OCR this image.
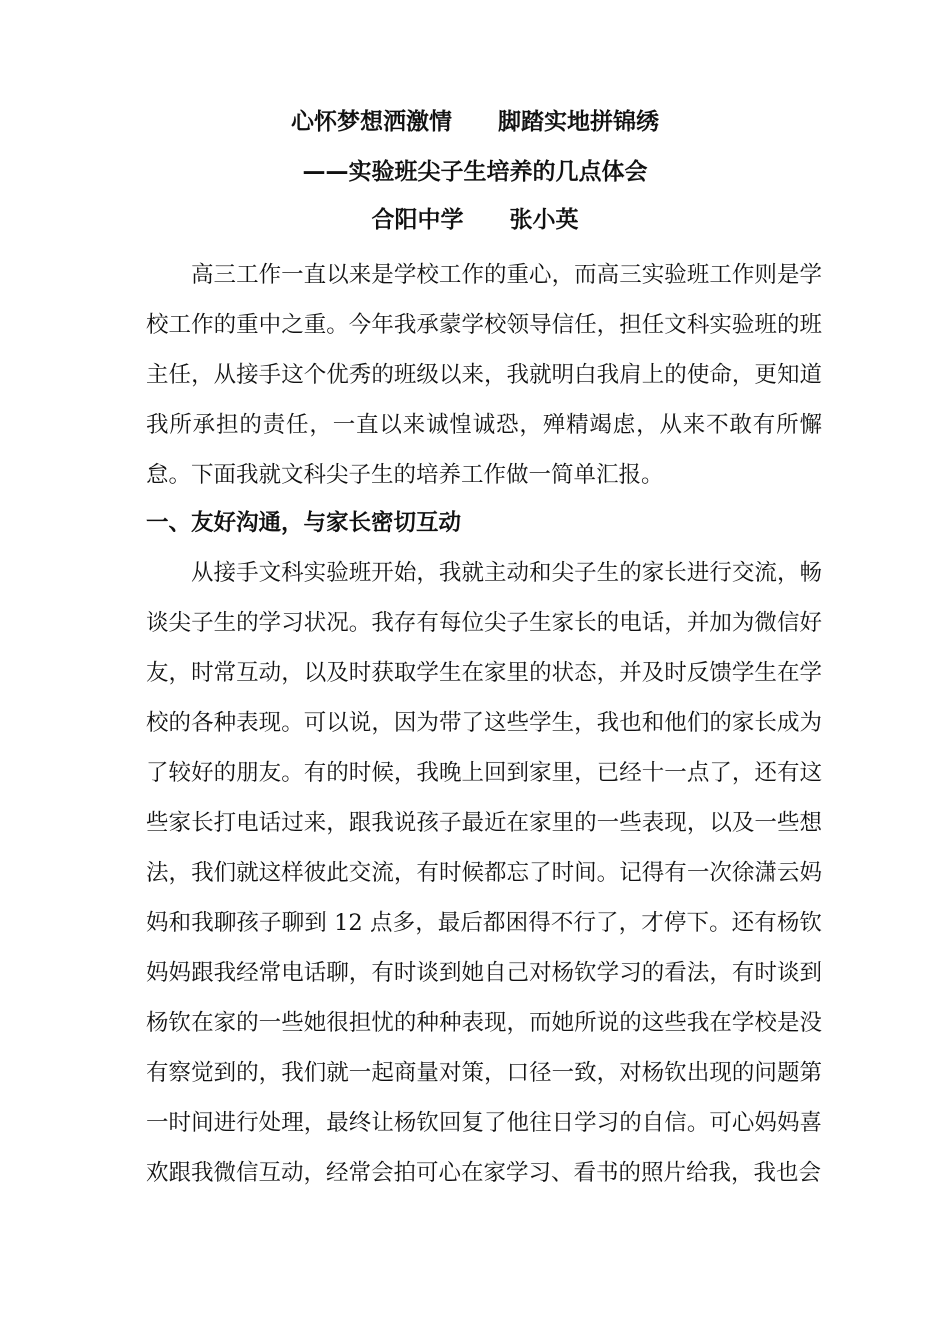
心怀梦想洒激情　　脚踏实地拼锦绣
——实验班尖子生培养的几点体会
合阳中学　　张小英

高三工作一直以来是学校工作的重心，而高三实验班工作则是学校工作的重中之重。今年我承蒙学校领导信任，担任文科实验班的班主任，从接手这个优秀的班级以来，我就明白我肩上的使命，更知道我所承担的责任，一直以来诚惶诚恐，殚精竭虑，从来不敢有所懈怠。下面我就文科尖子生的培养工作做一简单汇报。

一、友好沟通，与家长密切互动

从接手文科实验班开始，我就主动和尖子生的家长进行交流，畅谈尖子生的学习状况。我存有每位尖子生家长的电话，并加为微信好友，时常互动，以及时获取学生在家里的状态，并及时反馈学生在学校的各种表现。可以说，因为带了这些学生，我也和他们的家长成为了较好的朋友。有的时候，我晚上回到家里，已经十一点了，还有这些家长打电话过来，跟我说孩子最近在家里的一些表现，以及一些想法，我们就这样彼此交流，有时候都忘了时间。记得有一次徐潇云妈妈和我聊孩子聊到 12 点多，最后都困得不行了，才停下。还有杨钦妈妈跟我经常电话聊，有时谈到她自己对杨钦学习的看法，有时谈到杨钦在家的一些她很担忧的种种表现，而她所说的这些我在学校是没有察觉到的，我们就一起商量对策，口径一致，对杨钦出现的问题第一时间进行处理，最终让杨钦回复了他往日学习的自信。可心妈妈喜欢跟我微信互动，经常会拍可心在家学习、看书的照片给我，我也会
